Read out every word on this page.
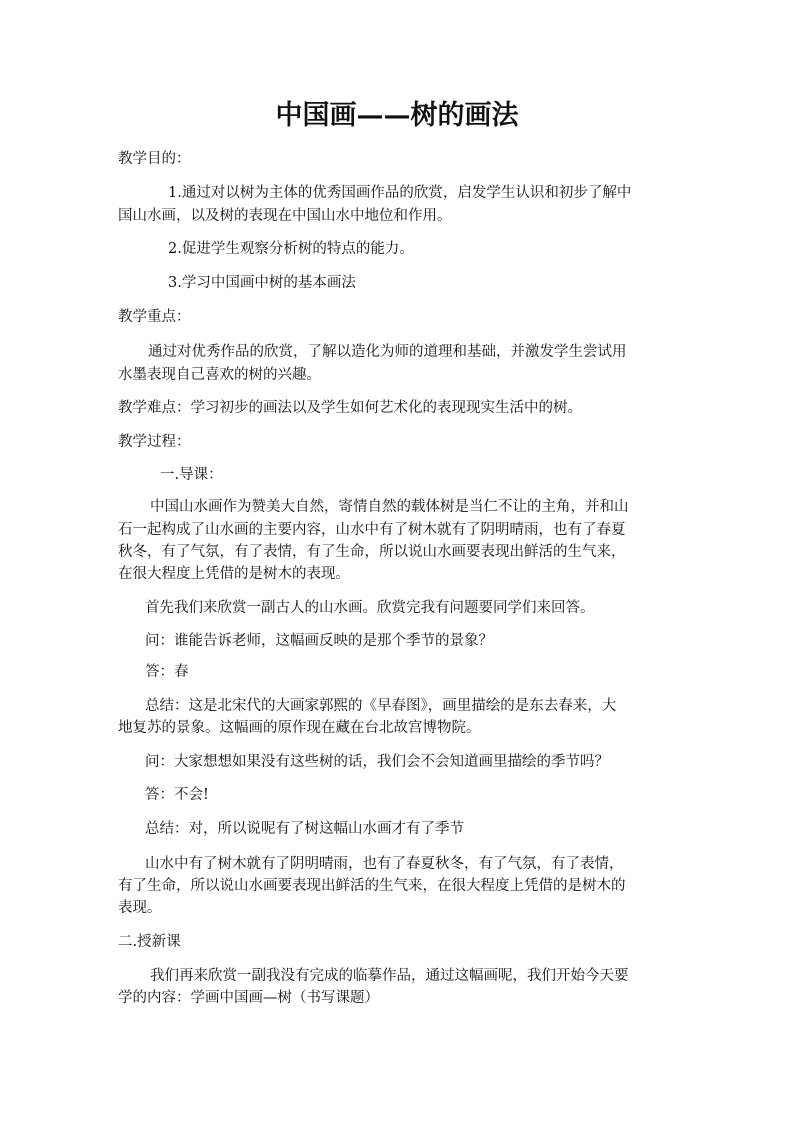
中国画——树的画法
教学目的：
1.通过对以树为主体的优秀国画作品的欣赏，启发学生认识和初步了解中
国山水画，以及树的表现在中国山水中地位和作用。
2.促进学生观察分析树的特点的能力。
3.学习中国画中树的基本画法
教学重点：
通过对优秀作品的欣赏，了解以造化为师的道理和基础，并激发学生尝试用
水墨表现自己喜欢的树的兴趣。
教学难点：学习初步的画法以及学生如何艺术化的表现现实生活中的树。
教学过程：
一.导课：
中国山水画作为赞美大自然，寄情自然的载体树是当仁不让的主角，并和山
石一起构成了山水画的主要内容，山水中有了树木就有了阴明晴雨，也有了春夏
秋冬，有了气氛，有了表情，有了生命，所以说山水画要表现出鲜活的生气来，
在很大程度上凭借的是树木的表现。
首先我们来欣赏一副古人的山水画。欣赏完我有问题要同学们来回答。
问：谁能告诉老师，这幅画反映的是那个季节的景象？
答：春
总结：这是北宋代的大画家郭熙的《早春图》，画里描绘的是东去春来，大
地复苏的景象。这幅画的原作现在藏在台北故宫博物院。
问：大家想想如果没有这些树的话，我们会不会知道画里描绘的季节吗？
答：不会!
总结：对，所以说呢有了树这幅山水画才有了季节
山水中有了树木就有了阴明晴雨，也有了春夏秋冬，有了气氛，有了表情，
有了生命，所以说山水画要表现出鲜活的生气来，在很大程度上凭借的是树木的
表现。
二.授新课
我们再来欣赏一副我没有完成的临摹作品，通过这幅画呢，我们开始今天要
学的内容：学画中国画—树（书写课题）
